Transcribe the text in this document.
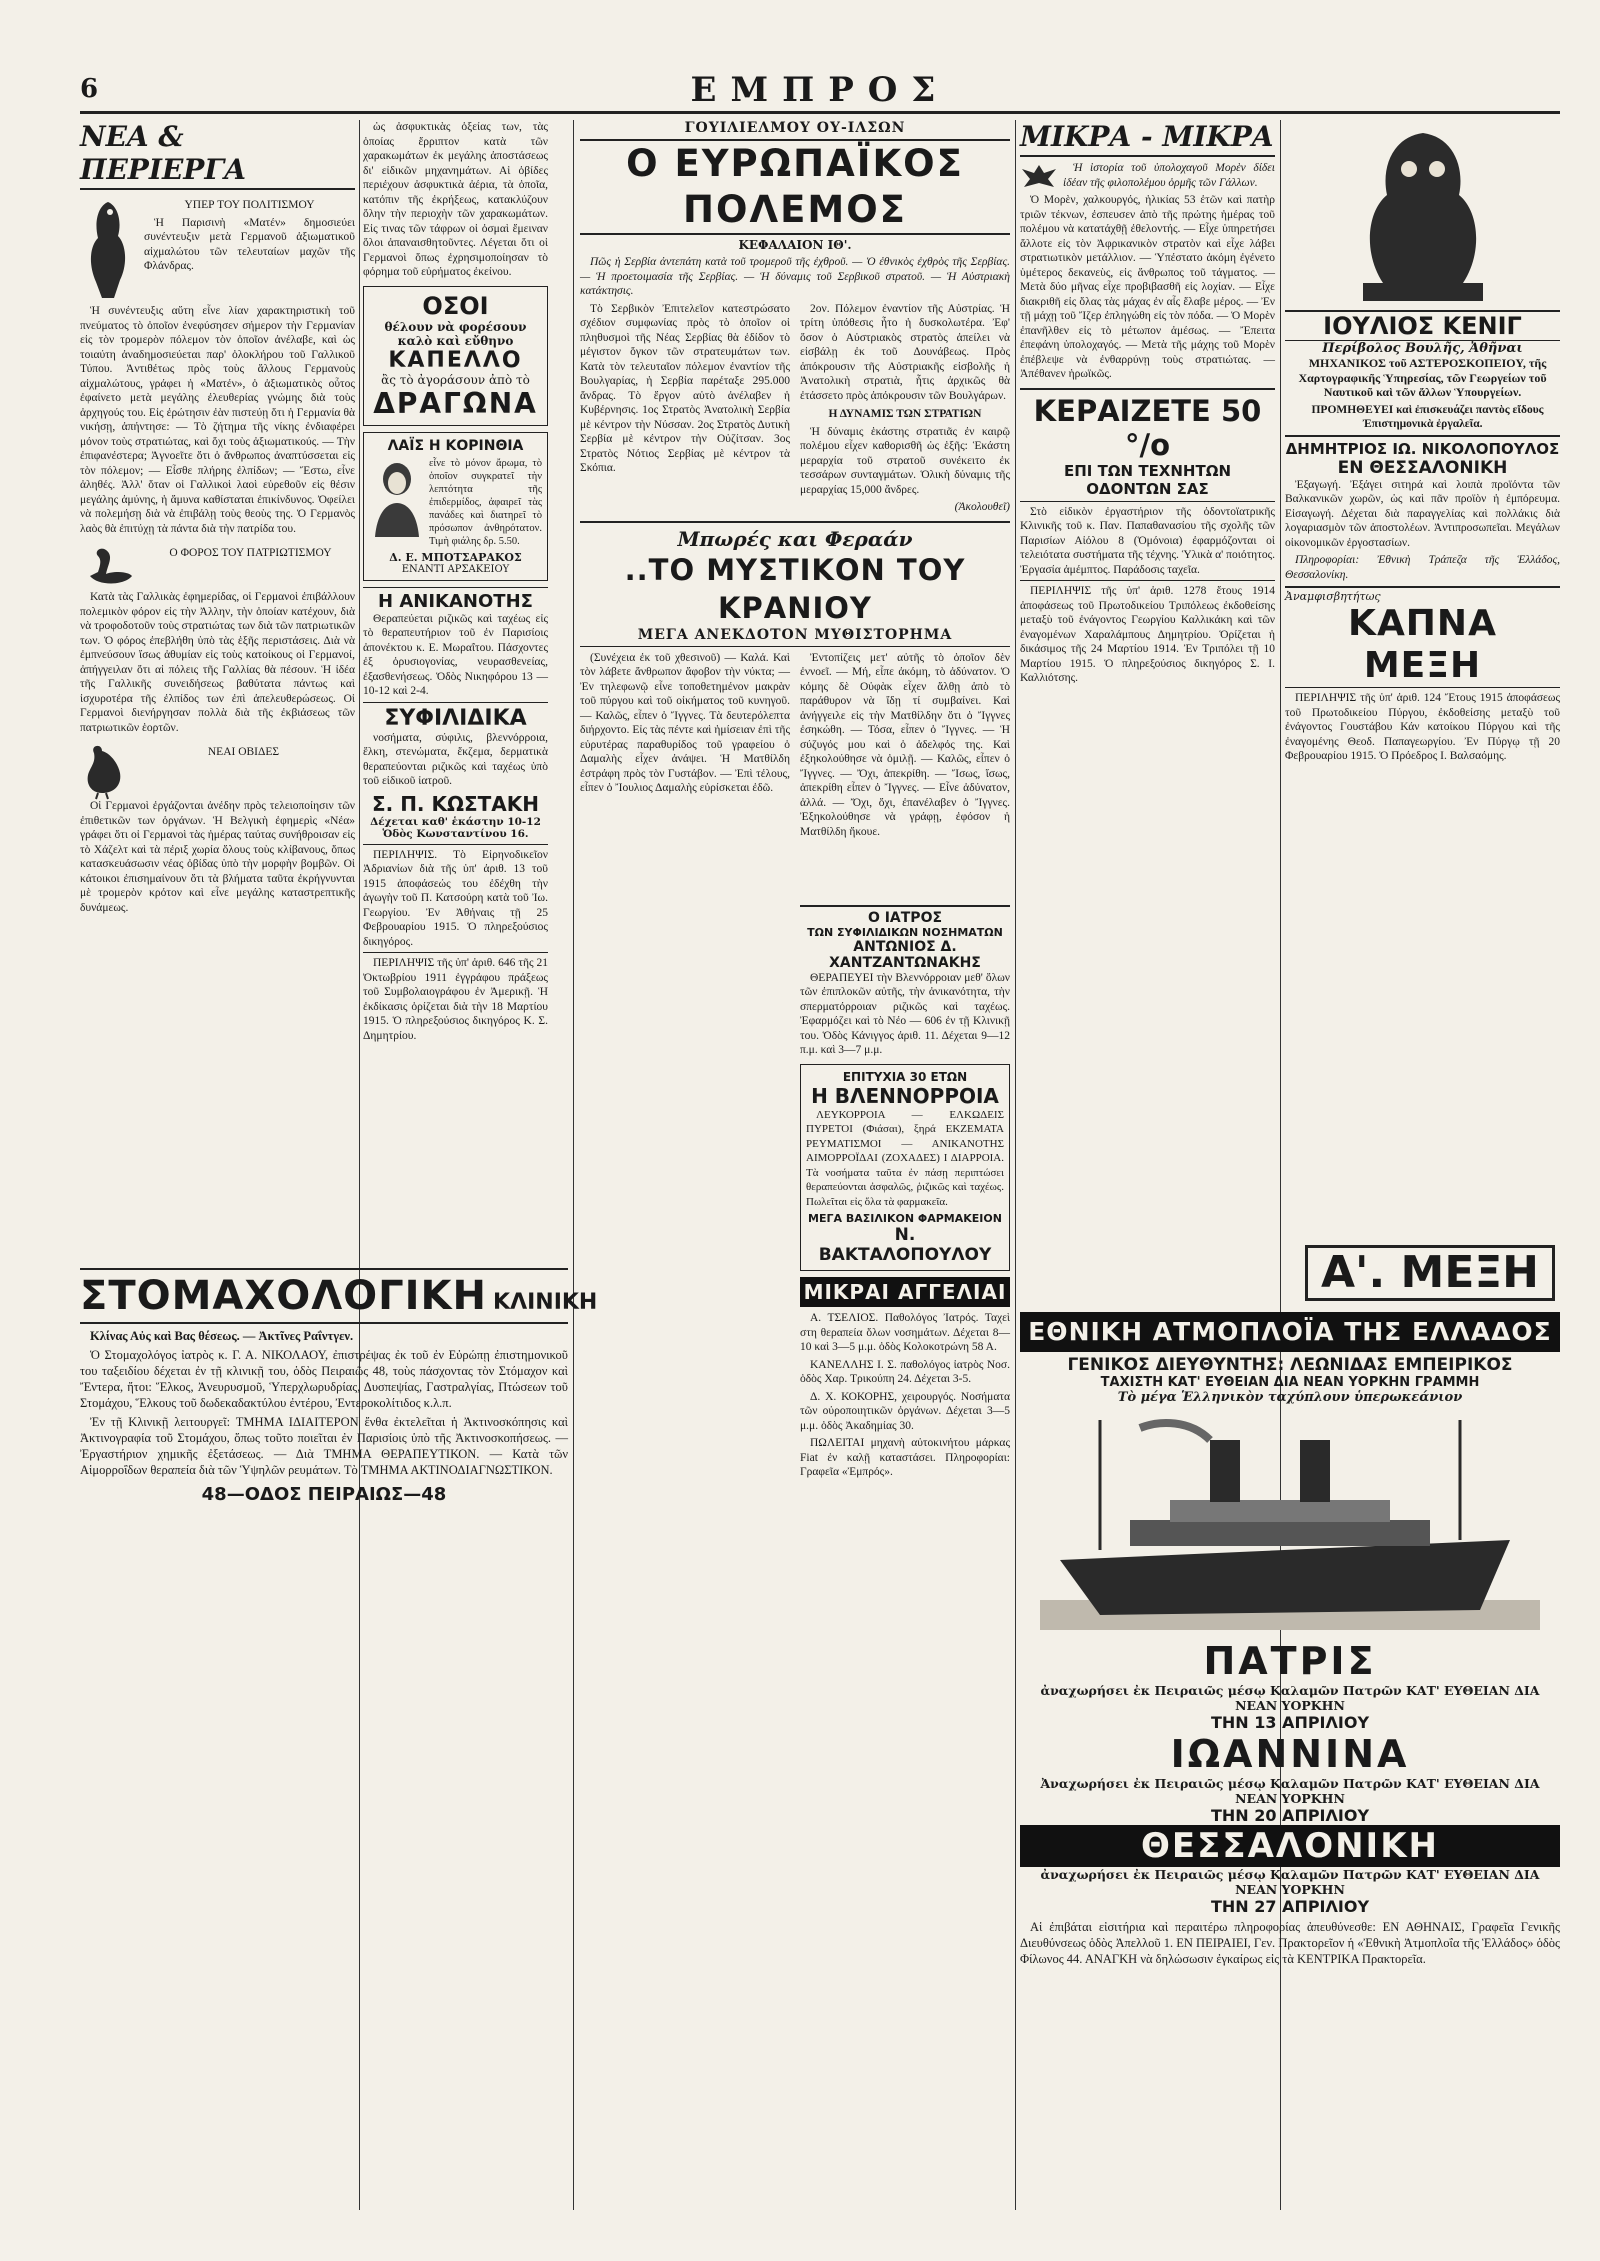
6	ΕΜΠΡΟΣ
ΝΕΑ & ΠΕΡΙΕΡΓΑ
ΥΠΕΡ ΤΟΥ ΠΟΛΙΤΙΣΜΟΥ

Ἡ Παρισινὴ «Ματέν» δημοσιεύει συνέντευξιν μετὰ Γερμανοῦ ἀξιωματικοῦ αἰχμαλώτου τῶν τελευταίων μαχῶν τῆς Φλάνδρας.

Ἡ συνέντευξις αὕτη εἶνε λίαν χαρακτηριστικὴ τοῦ πνεύματος τὸ ὁποῖον ἐνεφύσησεν σήμερον τὴν Γερμανίαν εἰς τὸν τρομερὸν πόλεμον τὸν ὁποῖον ἀνέλαβε, καὶ ὡς τοιαύτη ἀναδημοσιεύεται παρ' ὁλοκλήρου τοῦ Γαλλικοῦ Τύπου. Ἀντιθέτως πρὸς τοὺς ἄλλους Γερμανοὺς αἰχμαλώτους, γράφει ἡ «Ματέν», ὁ ἀξιωματικὸς οὗτος ἐφαίνετο μετὰ μεγάλης ἐλευθερίας γνώμης διὰ τοὺς ἀρχηγούς του. Εἰς ἐρώτησιν ἐὰν πιστεύῃ ὅτι ἡ Γερμανία θὰ νικήσῃ, ἀπήντησε: — Τὸ ζήτημα τῆς νίκης ἐνδιαφέρει μόνον τοὺς στρατιώτας, καὶ ὄχι τοὺς ἀξιωματικούς. — Τὴν ἐπιφανέστερα; Ἀγνοεῖτε ὅτι ὁ ἄνθρωπος ἀναπτύσσεται εἰς τὸν πόλεμον; — Εἶσθε πλήρης ἐλπίδων; — Ἔστω, εἶνε ἀληθές. Ἀλλ' ὅταν οἱ Γαλλικοὶ λαοὶ εὑρεθοῦν εἰς θέσιν μεγάλης ἀμύνης, ἡ ἄμυνα καθίσταται ἐπικίνδυνος. Ὀφείλει νὰ πολεμήσῃ διὰ νὰ ἐπιβάλῃ τοὺς θεοὺς της. Ὁ Γερμανὸς λαὸς θὰ ἐπιτύχῃ τὰ πάντα διὰ τὴν πατρίδα του.

Ο ΦΟΡΟΣ ΤΟΥ ΠΑΤΡΙΩΤΙΣΜΟΥ

Κατὰ τὰς Γαλλικὰς ἐφημερίδας, οἱ Γερμανοὶ ἐπιβάλλουν πολεμικὸν φόρον εἰς τὴν Ἀλλην, τὴν ὁποίαν κατέχουν, διὰ νὰ τροφοδοτοῦν τοὺς στρατιώτας των διὰ τῶν πατριωτικῶν των. Ὁ φόρος ἐπεβλήθη ὑπὸ τὰς ἑξῆς περιστάσεις. Διὰ νὰ ἐμπνεύσουν ἴσως ἀθυμίαν εἰς τοὺς κατοίκους οἱ Γερμανοί, ἀπήγγειλαν ὅτι αἱ πόλεις τῆς Γαλλίας θὰ πέσουν. Ἡ ἰδέα τῆς Γαλλικῆς συνειδήσεως βαθύτατα πάντως καὶ ἰσχυροτέρα τῆς ἐλπίδος των ἐπὶ ἀπελευθερώσεως. Οἱ Γερμανοὶ διενήργησαν πολλὰ διὰ τῆς ἐκβιάσεως τῶν πατριωτικῶν ἑορτῶν.

ΝΕΑΙ ΟΒΙΔΕΣ

Οἱ Γερμανοὶ ἐργάζονται ἀνέδην πρὸς τελειοποίησιν τῶν ἐπιθετικῶν των ὀργάνων. Ἡ Βελγικὴ ἐφημερὶς «Νέα» γράφει ὅτι οἱ Γερμανοὶ τὰς ἡμέρας ταύτας συνήθροισαν εἰς τὸ Χάζελτ καὶ τὰ πέριξ χωρία ὅλους τοὺς κλίβανους, ὅπως κατασκευάσωσιν νέας ὀβίδας ὑπὸ τὴν μορφὴν βομβῶν. Οἱ κάτοικοι ἐπισημαίνουν ὅτι τὰ βλήματα ταῦτα ἐκρήγνυνται μὲ τρομερὸν κρότον καὶ εἶνε μεγάλης καταστρεπτικῆς δυνάμεως.

ὡς ἀσφυκτικὰς ὀξείας των, τὰς ὁποίας ἔρριπτον κατὰ τῶν χαρακωμάτων ἐκ μεγάλης ἀποστάσεως δι' εἰδικῶν μηχανημάτων. Αἱ ὀβίδες περιέχουν ἀσφυκτικὰ ἀέρια, τὰ ὁποῖα, κατόπιν τῆς ἐκρήξεως, κατακλύζουν ὅλην τὴν περιοχὴν τῶν χαρακωμάτων. Εἰς τινας τῶν τάφρων οἱ ὀσμαὶ ἔμειναν ὅλοι ἀπαναισθητοῦντες. Λέγεται ὅτι οἱ Γερμανοὶ ὅπως ἐχρησιμοποίησαν τὸ φόρημα τοῦ εὐρήματος ἐκείνου.

ΟΣΟΙ
θέλουν νὰ φορέσουν
καλὸ καὶ εὔθηνο
ΚΑΠΕΛΛΟ
ἂς τὸ ἀγοράσουν ἀπὸ τὸ
ΔΡΑΓΩΝΑ
ΛΑΪΣ Η ΚΟΡΙΝΘΙΑ
εἶνε τὸ μόνον ἄρωμα, τὸ ὁποῖον συγκρατεῖ τὴν λεπτότητα τῆς ἐπιδερμίδος, ἀφαιρεῖ τὰς πανάδες καὶ διατηρεῖ τὸ πρόσωπον ἀνθηρότατον. Τιμὴ φιάλης δρ. 5.50.
Δ. Ε. ΜΠΟΤΣΑΡΑΚΟΣ
ΕΝΑΝΤΙ ΑΡΣΑΚΕΙΟΥ
Η ΑΝΙΚΑΝΟΤΗΣ

Θεραπεύεται ριζικῶς καὶ ταχέως εἰς τὸ θεραπευτήριον τοῦ ἐν Παρισίοις ἀπονέκτου κ. Ε. Μωραΐτου. Πάσχοντες ἐξ ὀρυσιογονίας, νευρασθενείας, ἐξασθενήσεως. Ὁδὸς Νικηφόρου 13 — 10-12 καὶ 2-4.

ΣΥΦΙΛΙΔΙΚΑ

νοσήματα, σύφιλις, βλεννόρροια, ἕλκη, στενώματα, ἔκζεμα, δερματικὰ θεραπεύονται ριζικῶς καὶ ταχέως ὑπὸ τοῦ εἰδικοῦ ἰατροῦ.

Σ. Π. ΚΩΣΤΑΚΗ
Δέχεται καθ' ἑκάστην 10-12 Ὁδὸς Κωνσταντίνου 16.

ΠΕΡΙΛΗΨΙΣ. Τὸ Εἰρηνοδικεῖον Ἀδριανίων διὰ τῆς ὑπ' ἀριθ. 13 τοῦ 1915 ἀποφάσεώς του ἐδέχθη τὴν ἀγωγὴν τοῦ Π. Κατσούρη κατὰ τοῦ Ἰω. Γεωργίου. Ἐν Ἀθήναις τῇ 25 Φεβρουαρίου 1915. Ὁ πληρεξούσιος δικηγόρος.

ΠΕΡΙΛΗΨΙΣ τῆς ὑπ' ἀριθ. 646 τῆς 21 Ὀκτωβρίου 1911 ἐγγράφου πράξεως τοῦ Συμβολαιογράφου ἐν Ἀμερικῇ. Ἡ ἐκδίκασις ὁρίζεται διὰ τὴν 18 Μαρτίου 1915. Ὁ πληρεξούσιος δικηγόρος Κ. Σ. Δημητρίου.

ΣΤΟΜΑΧΟΛΟΓΙΚΗ ΚΛΙΝΙΚΗ

Κλίνας Αὐς καὶ Βας θέσεως. — Ἀκτῖνες Ραΐντγεν.

Ὁ Στομαχολόγος ἰατρὸς κ. Γ. Α. ΝΙΚΟΛΑΟΥ, ἐπιστρέψας ἐκ τοῦ ἐν Εὐρώπῃ ἐπιστημονικοῦ του ταξειδίου δέχεται ἐν τῇ κλινικῇ του, ὁδὸς Πειραιῶς 48, τοὺς πάσχοντας τὸν Στόμαχον καὶ Ἔντερα, ἤτοι: Ἕλκος, Ἀνευρυσμοῦ, Ὑπερχλωρυδρίας, Δυσπεψίας, Γαστραλγίας, Πτώσεων τοῦ Στομάχου, Ἕλκους τοῦ δωδεκαδακτύλου ἐντέρου, Ἐντεροκολίτιδος κ.λ.π.

Ἐν τῇ Κλινικῇ λειτουργεῖ: ΤΜΗΜΑ ΙΔΙΑΙΤΕΡΟΝ ἔνθα ἐκτελεῖται ἡ Ἀκτινοσκόπησις καὶ Ἀκτινογραφία τοῦ Στομάχου, ὅπως τοῦτο ποιεῖται ἐν Παρισίοις ὑπὸ τῆς Ἀκτινοσκοπήσεως. — Ἐργαστήριον χημικῆς ἐξετάσεως. — Διὰ ΤΜΗΜΑ ΘΕΡΑΠΕΥΤΙΚΟΝ. — Κατὰ τῶν Αἱμορροΐδων θεραπεία διὰ τῶν Ὑψηλῶν ρευμάτων. Τὸ ΤΜΗΜΑ ΑΚΤΙΝΟΔΙΑΓΝΩΣΤΙΚΟΝ.

48—ΟΔΟΣ ΠΕΙΡΑΙΩΣ—48
ΓΟΥΙΛΙΕΛΜΟΥ ΟΥ-ΙΛΣΩΝ
Ο ΕΥΡΩΠΑΪΚΟΣ ΠΟΛΕΜΟΣ
ΚΕΦΑΛΑΙΟΝ ΙΘ'.

Πῶς ἡ Σερβία ἀντεπάτη κατὰ τοῦ τρομεροῦ τῆς ἐχθροῦ. — Ὁ ἐθνικὸς ἐχθρὸς τῆς Σερβίας. — Ἡ προετοιμασία τῆς Σερβίας. — Ἡ δύναμις τοῦ Σερβικοῦ στρατοῦ. — Ἡ Αὐστριακὴ κατάκτησις.

Τὸ Σερβικὸν Ἐπιτελεῖον κατεστρώσατο σχέδιον συμφωνίας πρὸς τὸ ὁποῖον οἱ πληθυσμοὶ τῆς Νέας Σερβίας θὰ ἐδίδον τὸ μέγιστον ὄγκον τῶν στρατευμάτων των. Κατὰ τὸν τελευταῖον πόλεμον ἐναντίον τῆς Βουλγαρίας, ἡ Σερβία παρέταξε 295.000 ἄνδρας. Τὸ ἔργον αὐτὸ ἀνέλαβεν ἡ Κυβέρνησις. 1ος Στρατὸς Ἀνατολικὴ Σερβία μὲ κέντρον τὴν Νύσσαν. 2ος Στρατὸς Δυτικὴ Σερβία μὲ κέντρον τὴν Οὐζίτσαν. 3ος Στρατὸς Νότιος Σερβίας μὲ κέντρον τὰ Σκόπια.

2ον. Πόλεμον ἐναντίον τῆς Αὐστρίας. Ἡ τρίτη ὑπόθεσις ἦτο ἡ δυσκολωτέρα. Ἐφ' ὅσον ὁ Αὐστριακὸς στρατὸς ἀπείλει νὰ εἰσβάλῃ ἐκ τοῦ Δουνάβεως. Πρὸς ἀπόκρουσιν τῆς Αὐστριακῆς εἰσβολῆς ἡ Ἀνατολικὴ στρατιὰ, ἧτις ἀρχικῶς θὰ ἐτάσσετο πρὸς ἀπόκρουσιν τῶν Βουλγάρων.

Η ΔΥΝΑΜΙΣ ΤΩΝ ΣΤΡΑΤΙΩΝ

Ἡ δύναμις ἑκάστης στρατιᾶς ἐν καιρῷ πολέμου εἶχεν καθορισθῆ ὡς ἑξῆς: Ἑκάστη μεραρχία τοῦ στρατοῦ συνέκειτο ἐκ τεσσάρων συνταγμάτων. Ὁλικὴ δύναμις τῆς μεραρχίας 15,000 ἄνδρες.

(Ἀκολουθεῖ)
Μπωρές και Φεραάν
..ΤΟ ΜΥΣΤΙΚΟΝ ΤΟΥ ΚΡΑΝΙΟΥ
ΜΕΓΑ ΑΝΕΚΔΟΤΟΝ ΜΥΘΙΣΤΟΡΗΜΑ

(Συνέχεια ἐκ τοῦ χθεσινοῦ) — Καλά. Καὶ τὸν λάβετε ἄνθρωπον ἄφοβον τὴν νύκτα; — Ἐν τηλεφωνῷ εἶνε τοποθετημένον μακρὰν τοῦ πύργου καὶ τοῦ οἰκήματος τοῦ κυνηγοῦ. — Καλῶς, εἶπεν ὁ Ἴγγνες. Τὰ δευτερόλεπτα διήρχοντο. Εἰς τὰς πέντε καὶ ἡμίσειαν ἐπὶ τῆς εὐρυτέρας παραθυρίδος τοῦ γραφείου ὁ Δαμαλὴς εἶχεν ἀνάψει. Ἡ Ματθίλδη ἐστράφη πρὸς τὸν Γυστάβον. — Ἐπὶ τέλους, εἶπεν ὁ Ἴουλιος Δαμαλὴς εὑρίσκεται ἐδῶ.

Ἐντοπίζεις μετ' αὐτῆς τὸ ὁποῖον δὲν ἐννοεῖ. — Μή, εἶπε ἀκόμη, τὸ ἀδύνατον. Ὁ κόμης δὲ Οὐφὰκ εἶχεν ἄλθῃ ἀπὸ τὸ παράθυρον νὰ ἴδῃ τί συμβαίνει. Καὶ ἀνήγγειλε εἰς τὴν Ματθίλδην ὅτι ὁ Ἴγγνες ἐσηκώθη. — Τόσα, εἶπεν ὁ Ἴγγνες. — Ἡ σύζυγός μου καὶ ὁ ἀδελφός της. Καὶ ἐξηκολούθησε νὰ ὁμιλῇ. — Καλῶς, εἶπεν ὁ Ἴγγνες. — Ὄχι, ἀπεκρίθη. — Ἴσως, ἴσως, ἀπεκρίθη εἶπεν ὁ Ἴγγνες. — Εἶνε ἀδύνατον, ἀλλά. — Ὄχι, ὄχι, ἐπανέλαβεν ὁ Ἴγγνες. Ἐξηκολούθησε νὰ γράφῃ, ἐφόσον ἡ Ματθίλδη ἤκουε.

Ο ΙΑΤΡΟΣ
ΤΩΝ ΣΥΦΙΛΙΔΙΚΩΝ ΝΟΣΗΜΑΤΩΝ
ΑΝΤΩΝΙΟΣ Δ. ΧΑΝΤΖΑΝΤΩΝΑΚΗΣ

ΘΕΡΑΠΕΥΕΙ τὴν Βλεννόρροιαν μεθ' ὅλων τῶν ἐπιπλοκῶν αὐτῆς, τὴν ἀνικανότητα, τὴν σπερματόρροιαν ριζικῶς καὶ ταχέως. Ἐφαρμόζει καὶ τὸ Νέο — 606 ἐν τῇ Κλινικῇ του. Ὁδὸς Κάνιγγος ἀριθ. 11. Δέχεται 9—12 π.μ. καὶ 3—7 μ.μ.

ΕΠΙΤΥΧΙΑ 30 ΕΤΩΝ
Η ΒΛΕΝΝΟΡΡΟΙΑ

ΛΕΥΚΟΡΡΟΙΑ — ΕΛΚΩΔΕΙΣ ΠΥΡΕΤΟΙ (Φιάσαι), ξηρά ΕΚΖΕΜΑΤΑ ΡΕΥΜΑΤΙΣΜΟΙ — ΑΝΙΚΑΝΟΤΗΣ ΑΙΜΟΡΡΟΪΔΑΙ (ΖΟΧΑΔΕΣ) Ι ΔΙΑΡΡΟΙΑ. Τὰ νοσήματα ταῦτα ἐν πάσῃ περιπτώσει θεραπεύονται ἀσφαλῶς, ῥιζικῶς καὶ ταχέως. Πωλεῖται εἰς ὅλα τὰ φαρμακεῖα.

ΜΕΓΑ ΒΑΣΙΛΙΚΟΝ ΦΑΡΜΑΚΕΙΟΝ
Ν. ΒΑΚΤΑΛΟΠΟΥΛΟΥ
ΜΙΚΡΑΙ ΑΓΓΕΛΙΑΙ

Α. ΤΣΕΛΙΟΣ. Παθολόγος Ἰατρός. Ταχεὶ στη θεραπεία ὅλων νοσημάτων. Δέχεται 8—10 καὶ 3—5 μ.μ. ὁδὸς Κολοκοτρώνη 58 Α.

ΚΑΝΕΛΛΗΣ Ι. Σ. παθολόγος ἰατρὸς Νοσ. ὁδὸς Χαρ. Τρικούπη 24. Δέχεται 3-5.

Δ. Χ. ΚΟΚΟΡΗΣ, χειρουργός. Νοσήματα τῶν οὐροποιητικῶν ὀργάνων. Δέχεται 3—5 μ.μ. ὁδὸς Ἀκαδημίας 30.

ΠΩΛΕΙΤΑΙ μηχανὴ αὐτοκινήτου μάρκας Fiat ἐν καλῇ καταστάσει. Πληροφορίαι: Γραφεῖα «Ἐμπρός».

ΜΙΚΡΑ - ΜΙΚΡΑ

Ἡ ἱστορία τοῦ ὑπολοχαγοῦ Μορὲν δίδει ἰδέαν τῆς φιλοπολέμου ὁρμῆς τῶν Γάλλων.

Ὁ Μορὲν, χαλκουργός, ἡλικίας 53 ἐτῶν καὶ πατὴρ τριῶν τέκνων, ἐσπευσεν ἀπὸ τῆς πρώτης ἡμέρας τοῦ πολέμου νὰ κατατάχθῇ ἐθελοντής. — Εἶχε ὑπηρετήσει ἄλλοτε εἰς τὸν Ἀφρικανικὸν στρατὸν καὶ εἶχε λάβει στρατιωτικὸν μετάλλιον. — Ὑπέστατο ἀκόμη ἐγένετο ὑμέτερος δεκανεὺς, εἰς ἄνθρωπος τοῦ τάγματος. — Μετὰ δύο μῆνας εἶχε προβιβασθῆ εἰς λοχίαν. — Εἶχε διακριθῆ εἰς ὅλας τὰς μάχας ἐν αἷς ἔλαβε μέρος. — Ἐν τῇ μάχῃ τοῦ Ἴζερ ἐπληγώθη εἰς τὸν πόδα. — Ὁ Μορὲν ἐπανῆλθεν εἰς τὸ μέτωπον ἀμέσως. — Ἔπειτα ἐπεφάνη ὑπολοχαγός. — Μετὰ τῆς μάχης τοῦ Μορὲν ἐπέβλεψε νὰ ἐνθαρρύνῃ τοὺς στρατιώτας. — Ἀπέθανεν ἡρωϊκῶς.

ΚΕΡΑΙΖΕΤΕ 50 °/ο
ΕΠΙ ΤΩΝ ΤΕΧΝΗΤΩΝ ΟΔΟΝΤΩΝ ΣΑΣ

Στὸ εἰδικὸν ἐργαστήριον τῆς ὀδοντοϊατρικῆς Κλινικῆς τοῦ κ. Παν. Παπαθανασίου τῆς σχολῆς τῶν Παρισίων Αἰόλου 8 (Ὁμόνοια) ἐφαρμόζονται οἱ τελειότατα συστήματα τῆς τέχνης. Ὑλικὰ α' ποιότητος. Ἐργασία ἀμέμπτος. Παράδοσις ταχεῖα.

ΠΕΡΙΛΗΨΙΣ τῆς ὑπ' ἀριθ. 1278 ἔτους 1914 ἀποφάσεως τοῦ Πρωτοδικείου Τριπόλεως ἐκδοθείσης μεταξὺ τοῦ ἐνάγοντος Γεωργίου Καλλικάκη καὶ τῶν ἐναγομένων Χαραλάμπους Δημητρίου. Ὁρίζεται ἡ δικάσιμος τῆς 24 Μαρτίου 1914. Ἐν Τριπόλει τῇ 10 Μαρτίου 1915. Ὁ πληρεξούσιος δικηγόρος Σ. Ι. Καλλιότσης.

ΙΟΥΛΙΟΣ ΚΕΝΙΓ
Περίβολος Βουλῆς, Ἀθῆναι

ΜΗΧΑΝΙΚΟΣ τοῦ ΑΣΤΕΡΟΣΚΟΠΕΙΟΥ, τῆς Χαρτογραφικῆς Ὑπηρεσίας, τῶν Γεωργείων τοῦ Ναυτικοῦ καὶ τῶν ἄλλων Ὑπουργείων.

ΠΡΟΜΗΘΕΥΕΙ καὶ ἐπισκευάζει παντὸς εἴδους Ἐπιστημονικὰ ἐργαλεῖα.

ΔΗΜΗΤΡΙΟΣ ΙΩ. ΝΙΚΟΛΟΠΟΥΛΟΣ
ΕΝ ΘΕΣΣΑΛΟΝΙΚΗ

Ἐξαγωγή. Ἐξάγει σιτηρά καὶ λοιπὰ προϊόντα τῶν Βαλκανικῶν χωρῶν, ὡς καὶ πᾶν προϊὸν ἡ ἐμπόρευμα. Εἰσαγωγή. Δέχεται διὰ παραγγελίας καὶ πολλάκις διὰ λογαριασμὸν τῶν ἀποστολέων. Ἀντιπροσωπεῖαι. Μεγάλων οἰκονομικῶν ἐργοστασίων.

Πληροφορίαι: Ἐθνικὴ Τράπεζα τῆς Ἑλλάδος, Θεσσαλονίκη.

Ἀναμφισβητήτως
ΚΑΠΝΑ ΜΕΞΗ

ΠΕΡΙΛΗΨΙΣ τῆς ὑπ' ἀριθ. 124 Ἔτους 1915 ἀποφάσεως τοῦ Πρωτοδικείου Πύργου, ἐκδοθείσης μεταξὺ τοῦ ἐνάγοντος Γουστάβου Κάν κατοίκου Πύργου καὶ τῆς ἐναγομένης Θεοδ. Παπαγεωργίου. Ἐν Πύργῳ τῇ 20 Φεβρουαρίου 1915. Ὁ Πρόεδρος Ι. Βαλσαόμης.

Α'. ΜΕΞΗ
ΕΘΝΙΚΗ ΑΤΜΟΠΛΟΪΑ ΤΗΣ ΕΛΛΑΔΟΣ
ΓΕΝΙΚΟΣ ΔΙΕΥΘΥΝΤΗΣ: ΛΕΩΝΙΔΑΣ ΕΜΠΕΙΡΙΚΟΣ
ΤΑΧΙΣΤΗ ΚΑΤ' ΕΥΘΕΙΑΝ ΔΙΑ ΝΕΑΝ ΥΟΡΚΗΝ ΓΡΑΜΜΗ
Τὸ μέγα Ἑλληνικὸν ταχύπλουν ὑπερωκεάνιον
ΠΑΤΡΙΣ
ἀναχωρήσει ἐκ Πειραιῶς μέσῳ Καλαμῶν Πατρῶν ΚΑΤ' ΕΥΘΕΙΑΝ ΔΙΑ ΝΕΑΝ ΥΟΡΚΗΝ
ΤΗΝ 13 ΑΠΡΙΛΙΟΥ
ΙΩΑΝΝΙΝΑ
Ἀναχωρήσει ἐκ Πειραιῶς μέσῳ Καλαμῶν Πατρῶν ΚΑΤ' ΕΥΘΕΙΑΝ ΔΙΑ ΝΕΑΝ ΥΟΡΚΗΝ
ΤΗΝ 20 ΑΠΡΙΛΙΟΥ
ΘΕΣΣΑΛΟΝΙΚΗ
ἀναχωρήσει ἐκ Πειραιῶς μέσῳ Καλαμῶν Πατρῶν ΚΑΤ' ΕΥΘΕΙΑΝ ΔΙΑ ΝΕΑΝ ΥΟΡΚΗΝ
ΤΗΝ 27 ΑΠΡΙΛΙΟΥ

Αἱ ἐπιβάται εἰσιτήρια καὶ περαιτέρω πληροφορίας ἀπευθύνεσθε: ΕΝ ΑΘΗΝΑΙΣ, Γραφεῖα Γενικῆς Διευθύνσεως ὁδὸς Ἀπελλοῦ 1. ΕΝ ΠΕΙΡΑΙΕΙ, Γεν. Πρακτορεῖον ἡ «Ἐθνικὴ Ἀτμοπλοΐα τῆς Ἑλλάδος» ὁδὸς Φίλωνος 44. ΑΝΑΓΚΗ νὰ δηλώσωσιν ἐγκαίρως εἰς τὰ ΚΕΝΤΡΙΚΑ Πρακτορεῖα.
